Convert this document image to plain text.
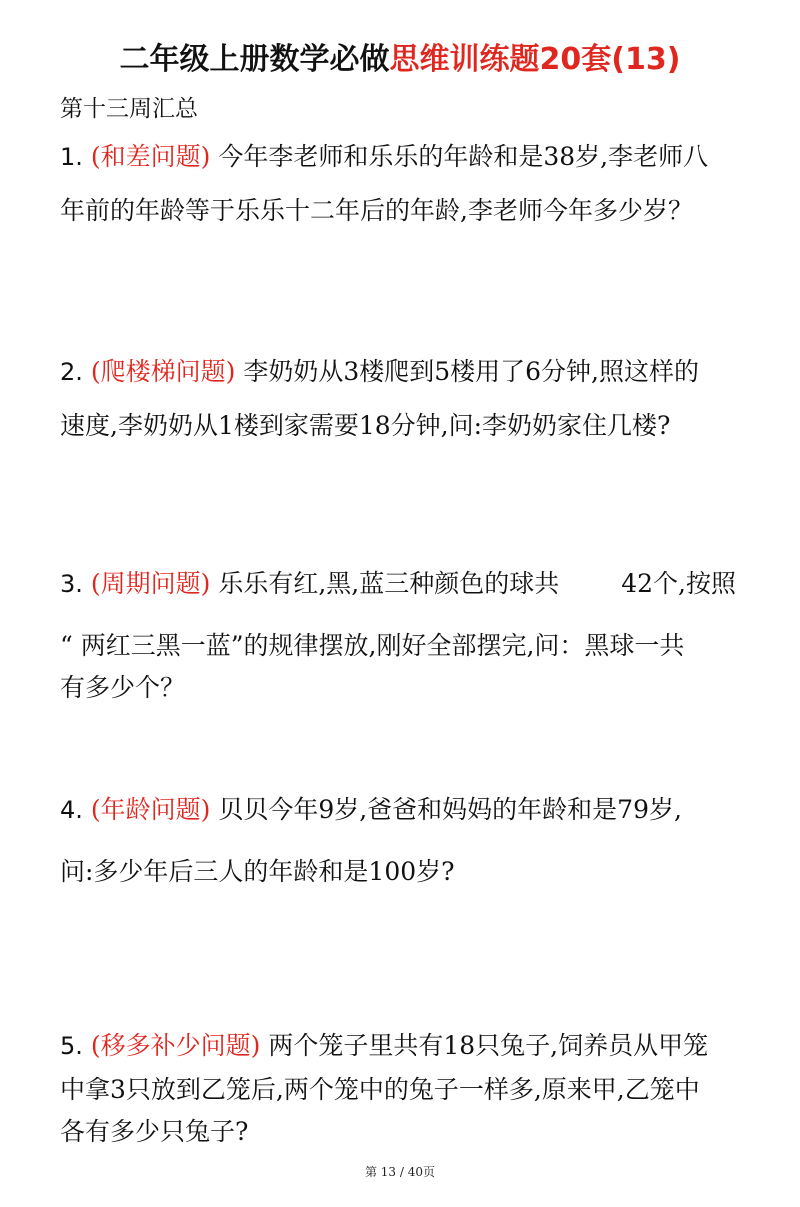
二年级上册数学必做思维训练题20套(13)
第十三周汇总
1. (和差问题) 今年李老师和乐乐的年龄和是38岁,李老师八
年前的年龄等于乐乐十二年后的年龄,李老师今年多少岁？
2. (爬楼梯问题) 李奶奶从3楼爬到5楼用了6分钟,照这样的
速度,李奶奶从1楼到家需要18分钟,问:李奶奶家住几楼?
3. (周期问题) 乐乐有红,黑,蓝三种颜色的球共 42个,按照
“ 两红三黑一蓝”的规律摆放,刚好全部摆完,问：黑球一共
有多少个？
4. (年龄问题) 贝贝今年9岁,爸爸和妈妈的年龄和是79岁,
问:多少年后三人的年龄和是100岁?
5. (移多补少问题) 两个笼子里共有18只兔子,饲养员从甲笼
中拿3只放到乙笼后,两个笼中的兔子一样多,原来甲,乙笼中
各有多少只兔子?
第 13 / 40页
